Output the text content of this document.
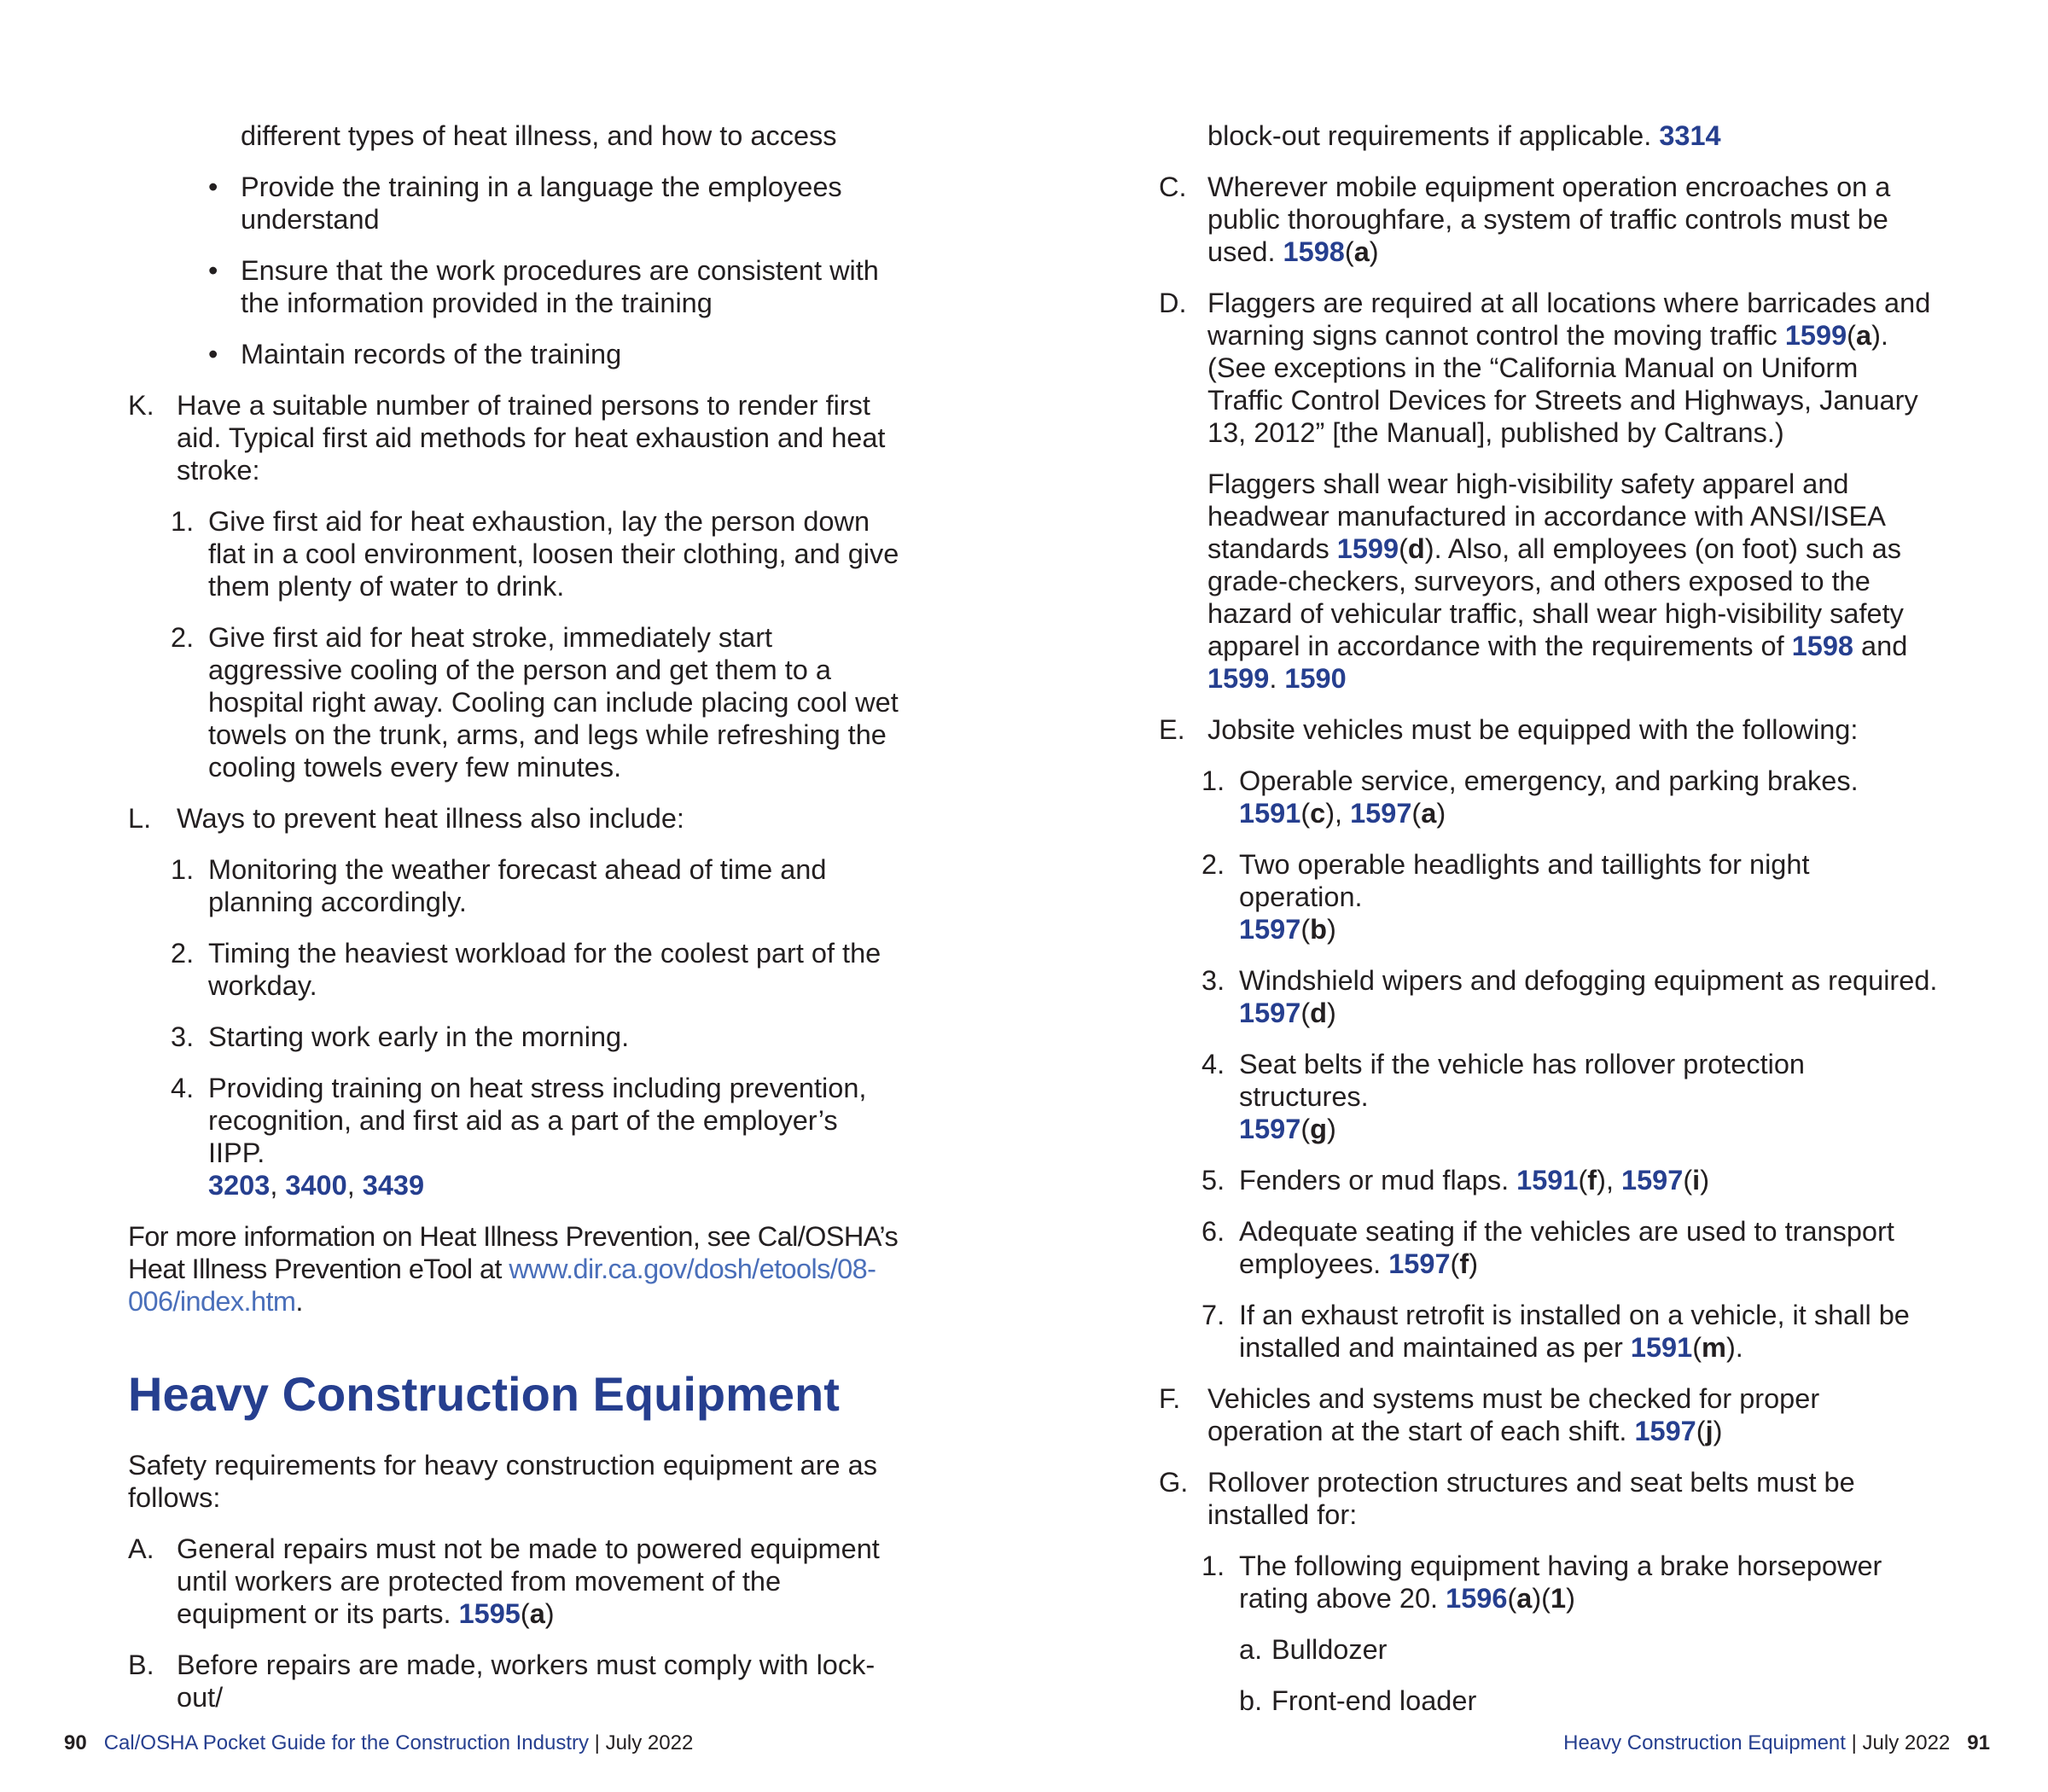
different types of heat illness, and how to access

• Provide the training in a language the employees understand
• Ensure that the work procedures are consistent with the information provided in the training
• Maintain records of the training
K. Have a suitable number of trained persons to render first aid. Typical first aid methods for heat exhaustion and heat stroke:
1. Give first aid for heat exhaustion, lay the person down flat in a cool environment, loosen their clothing, and give them plenty of water to drink.
2. Give first aid for heat stroke, immediately start aggressive cooling of the person and get them to a hospital right away. Cooling can include placing cool wet towels on the trunk, arms, and legs while refreshing the cooling towels every few minutes.
L. Ways to prevent heat illness also include:
1. Monitoring the weather forecast ahead of time and planning accordingly.
2. Timing the heaviest workload for the coolest part of the workday.
3. Starting work early in the morning.
4. Providing training on heat stress including prevention, recognition, and first aid as a part of the employer’s IIPP.
3203, 3400, 3439

For more information on Heat Illness Prevention, see Cal/OSHA’s Heat Illness Prevention eTool at www.dir.ca.gov/dosh/etools/08-006/index.htm.

Heavy Construction Equipment

Safety requirements for heavy construction equipment are as follows:

A. General repairs must not be made to powered equipment until workers are protected from movement of the equipment or its parts. 1595(a)
B. Before repairs are made, workers must comply with lock-out/

block-out requirements if applicable. 3314

C. Wherever mobile equipment operation encroaches on a public thoroughfare, a system of traffic controls must be used. 1598(a)
D. Flaggers are required at all locations where barricades and warning signs cannot control the moving traffic 1599(a). (See exceptions in the “California Manual on Uniform Traffic Control Devices for Streets and Highways, January 13, 2012” [the Manual], published by Caltrans.)

Flaggers shall wear high-visibility safety apparel and headwear manufactured in accordance with ANSI/ISEA standards 1599(d). Also, all employees (on foot) such as grade-checkers, surveyors, and others exposed to the hazard of vehicular traffic, shall wear high-visibility safety apparel in accordance with the requirements of 1598 and 1599. 1590

E. Jobsite vehicles must be equipped with the following:
1. Operable service, emergency, and parking brakes.
1591(c), 1597(a)
2. Two operable headlights and taillights for night operation.
1597(b)
3. Windshield wipers and defogging equipment as required.
1597(d)
4. Seat belts if the vehicle has rollover protection structures.
1597(g)
5. Fenders or mud flaps. 1591(f), 1597(i)
6. Adequate seating if the vehicles are used to transport employees. 1597(f)
7. If an exhaust retrofit is installed on a vehicle, it shall be installed and maintained as per 1591(m).
F. Vehicles and systems must be checked for proper operation at the start of each shift. 1597(j)
G. Rollover protection structures and seat belts must be installed for:
1. The following equipment having a brake horsepower rating above 20. 1596(a)(1)
a. Bulldozer
b. Front-end loader
90 Cal/OSHA Pocket Guide for the Construction Industry | July 2022	Heavy Construction Equipment | July 2022 91
